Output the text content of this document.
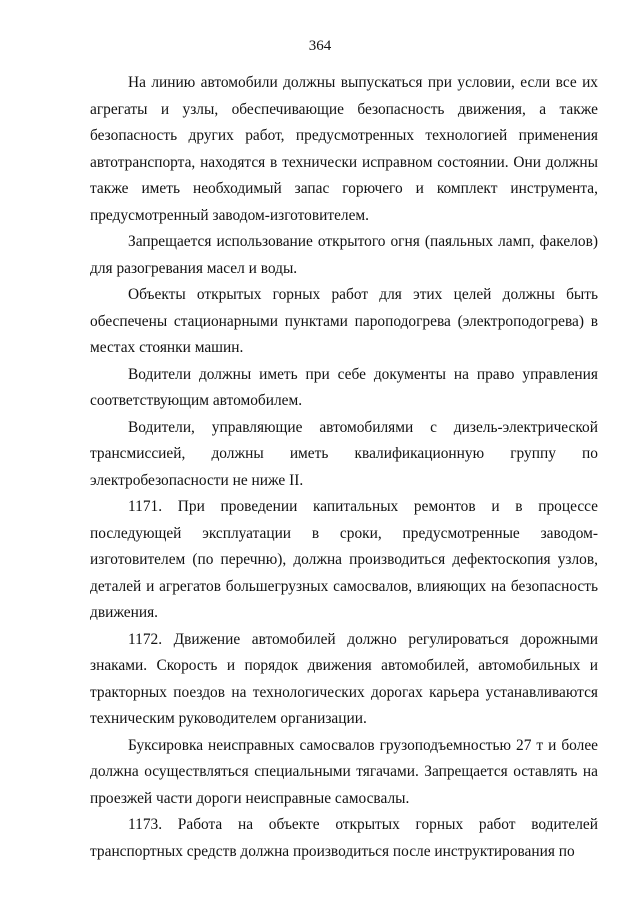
364

На линию автомобили должны выпускаться при условии, если все их агрегаты и узлы, обеспечивающие безопасность движения, а также безопасность других работ, предусмотренных технологией применения автотранспорта, находятся в технически исправном состоянии. Они должны также иметь необходимый запас горючего и комплект инструмента, предусмотренный заводом-изготовителем.

Запрещается использование открытого огня (паяльных ламп, факелов) для разогревания масел и воды.

Объекты открытых горных работ для этих целей должны быть обеспечены стационарными пунктами пароподогрева (электроподогрева) в местах стоянки машин.

Водители должны иметь при себе документы на право управления соответствующим автомобилем.

Водители, управляющие автомобилями с дизель-электрической трансмиссией, должны иметь квалификационную группу по электробезопасности не ниже II.

1171. При проведении капитальных ремонтов и в процессе последующей эксплуатации в сроки, предусмотренные заводом-изготовителем (по перечню), должна производиться дефектоскопия узлов, деталей и агрегатов большегрузных самосвалов, влияющих на безопасность движения.

1172. Движение автомобилей должно регулироваться дорожными знаками. Скорость и порядок движения автомобилей, автомобильных и тракторных поездов на технологических дорогах карьера устанавливаются техническим руководителем организации.

Буксировка неисправных самосвалов грузоподъемностью 27 т и более должна осуществляться специальными тягачами. Запрещается оставлять на проезжей части дороги неисправные самосвалы.

1173. Работа на объекте открытых горных работ водителей транспортных средств должна производиться после инструктирования по
